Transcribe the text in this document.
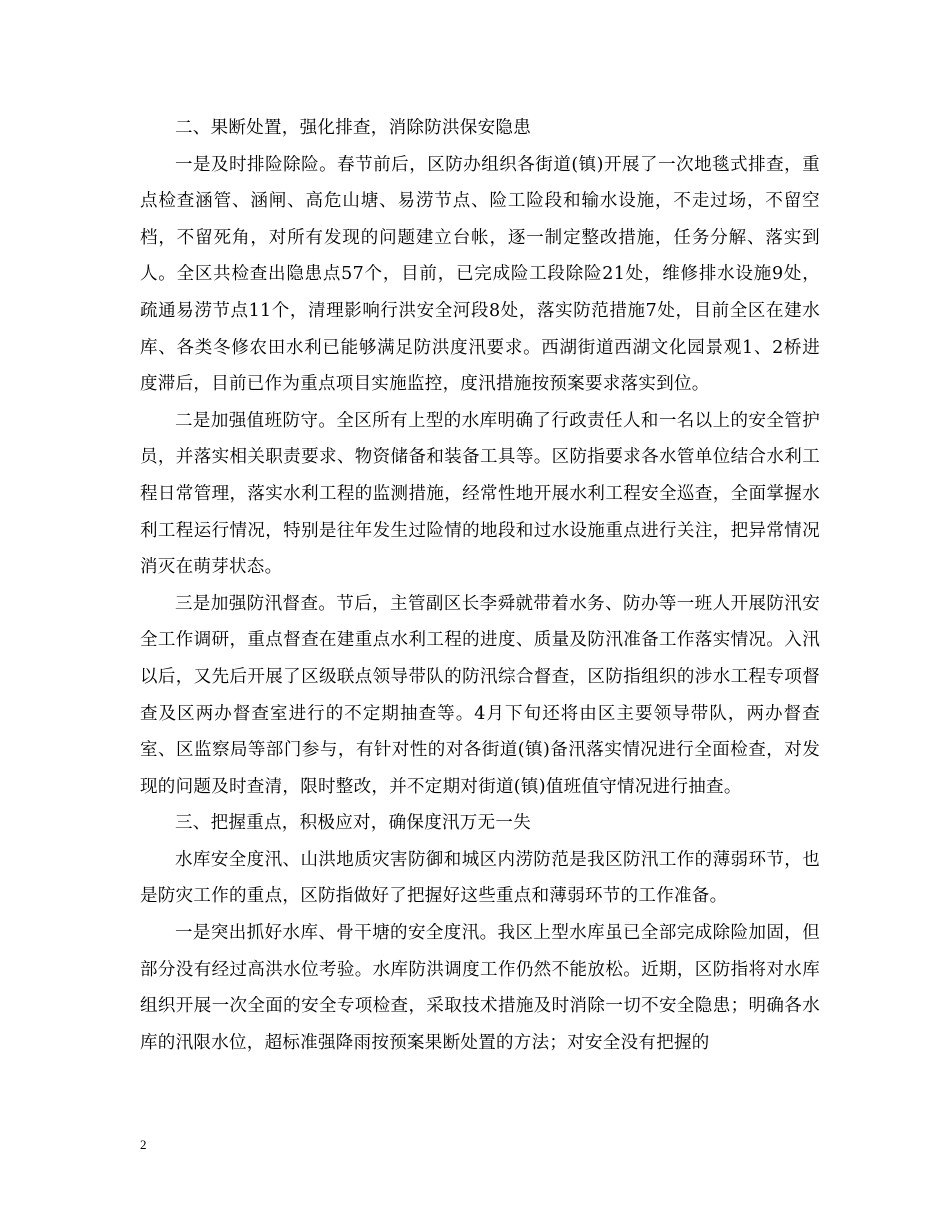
二、果断处置，强化排查，消除防洪保安隐患

一是及时排险除险。春节前后，区防办组织各街道(镇)开展了一次地毯式排查，重点检查涵管、涵闸、高危山塘、易涝节点、险工险段和输水设施，不走过场，不留空档，不留死角，对所有发现的问题建立台帐，逐一制定整改措施，任务分解、落实到人。全区共检查出隐患点57个，目前，已完成险工段除险21处，维修排水设施9处，疏通易涝节点11个，清理影响行洪安全河段8处，落实防范措施7处，目前全区在建水库、各类冬修农田水利已能够满足防洪度汛要求。西湖街道西湖文化园景观1、2桥进度滞后，目前已作为重点项目实施监控，度汛措施按预案要求落实到位。

二是加强值班防守。全区所有上型的水库明确了行政责任人和一名以上的安全管护员，并落实相关职责要求、物资储备和装备工具等。区防指要求各水管单位结合水利工程日常管理，落实水利工程的监测措施，经常性地开展水利工程安全巡查，全面掌握水利工程运行情况，特别是往年发生过险情的地段和过水设施重点进行关注，把异常情况消灭在萌芽状态。

三是加强防汛督查。节后，主管副区长李舜就带着水务、防办等一班人开展防汛安全工作调研，重点督查在建重点水利工程的进度、质量及防汛准备工作落实情况。入汛以后，又先后开展了区级联点领导带队的防汛综合督查，区防指组织的涉水工程专项督查及区两办督查室进行的不定期抽查等。4月下旬还将由区主要领导带队，两办督查室、区监察局等部门参与，有针对性的对各街道(镇)备汛落实情况进行全面检查，对发现的问题及时查清，限时整改，并不定期对街道(镇)值班值守情况进行抽查。

三、把握重点，积极应对，确保度汛万无一失

水库安全度汛、山洪地质灾害防御和城区内涝防范是我区防汛工作的薄弱环节，也是防灾工作的重点，区防指做好了把握好这些重点和薄弱环节的工作准备。

一是突出抓好水库、骨干塘的安全度汛。我区上型水库虽已全部完成除险加固，但部分没有经过高洪水位考验。水库防洪调度工作仍然不能放松。近期，区防指将对水库组织开展一次全面的安全专项检查，采取技术措施及时消除一切不安全隐患；明确各水库的汛限水位，超标准强降雨按预案果断处置的方法；对安全没有把握的

2
